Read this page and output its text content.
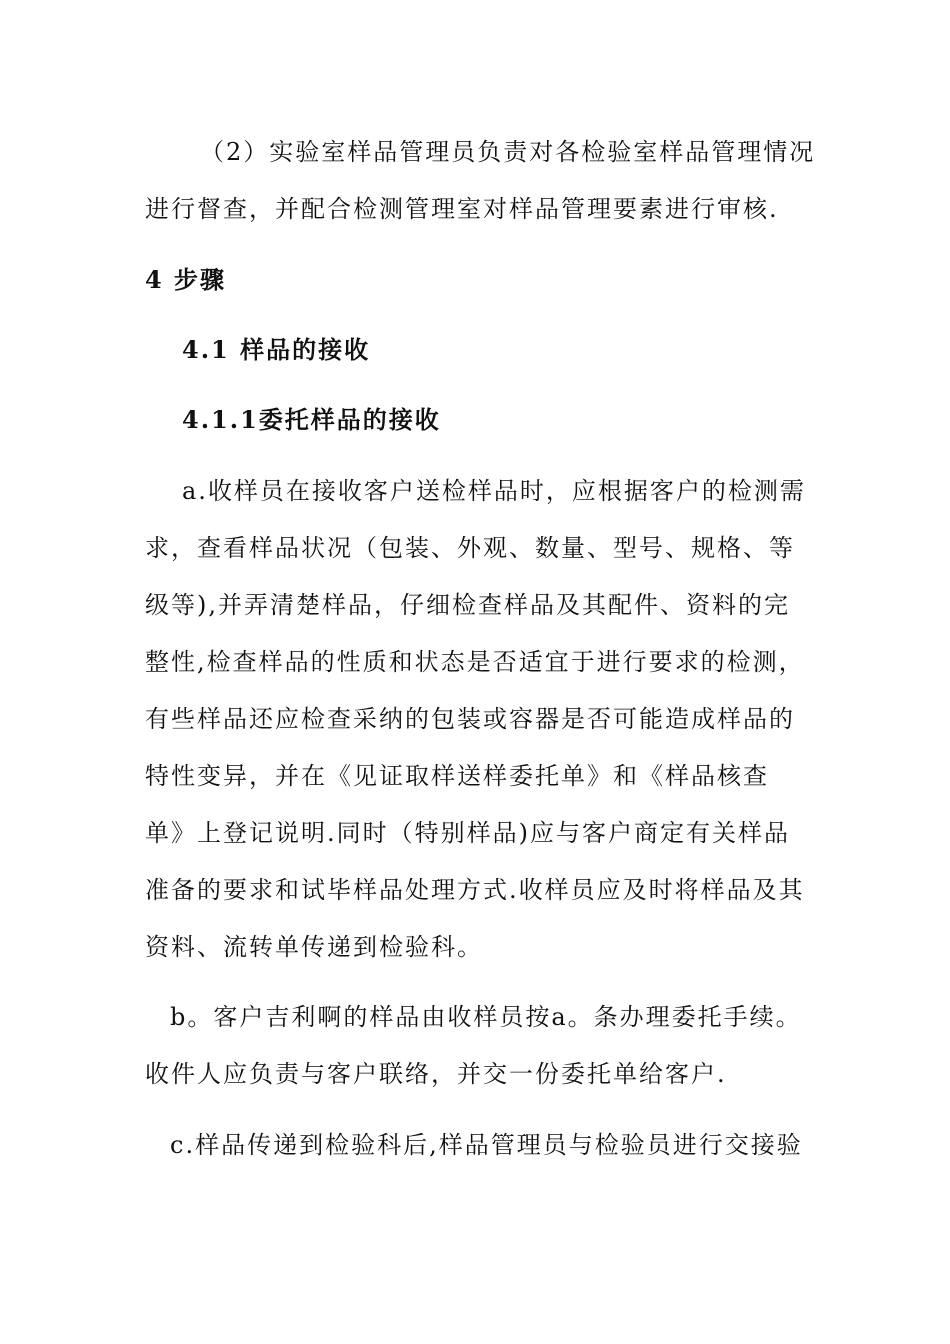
（2）实验室样品管理员负责对各检验室样品管理情况
进行督查，并配合检测管理室对样品管理要素进行审核.
4 步骤
4.1 样品的接收
4.1.1委托样品的接收
a.收样员在接收客户送检样品时，应根据客户的检测需
求，查看样品状况（包装、外观、数量、型号、规格、等
级等),并弄清楚样品，仔细检查样品及其配件、资料的完
整性,检查样品的性质和状态是否适宜于进行要求的检测，
有些样品还应检查采纳的包装或容器是否可能造成样品的
特性变异，并在《见证取样送样委托单》和《样品核查
单》上登记说明.同时（特别样品)应与客户商定有关样品
准备的要求和试毕样品处理方式.收样员应及时将样品及其
资料、流转单传递到检验科。
b。客户吉利啊的样品由收样员按a。条办理委托手续。
收件人应负责与客户联络，并交一份委托单给客户.
c.样品传递到检验科后,样品管理员与检验员进行交接验
